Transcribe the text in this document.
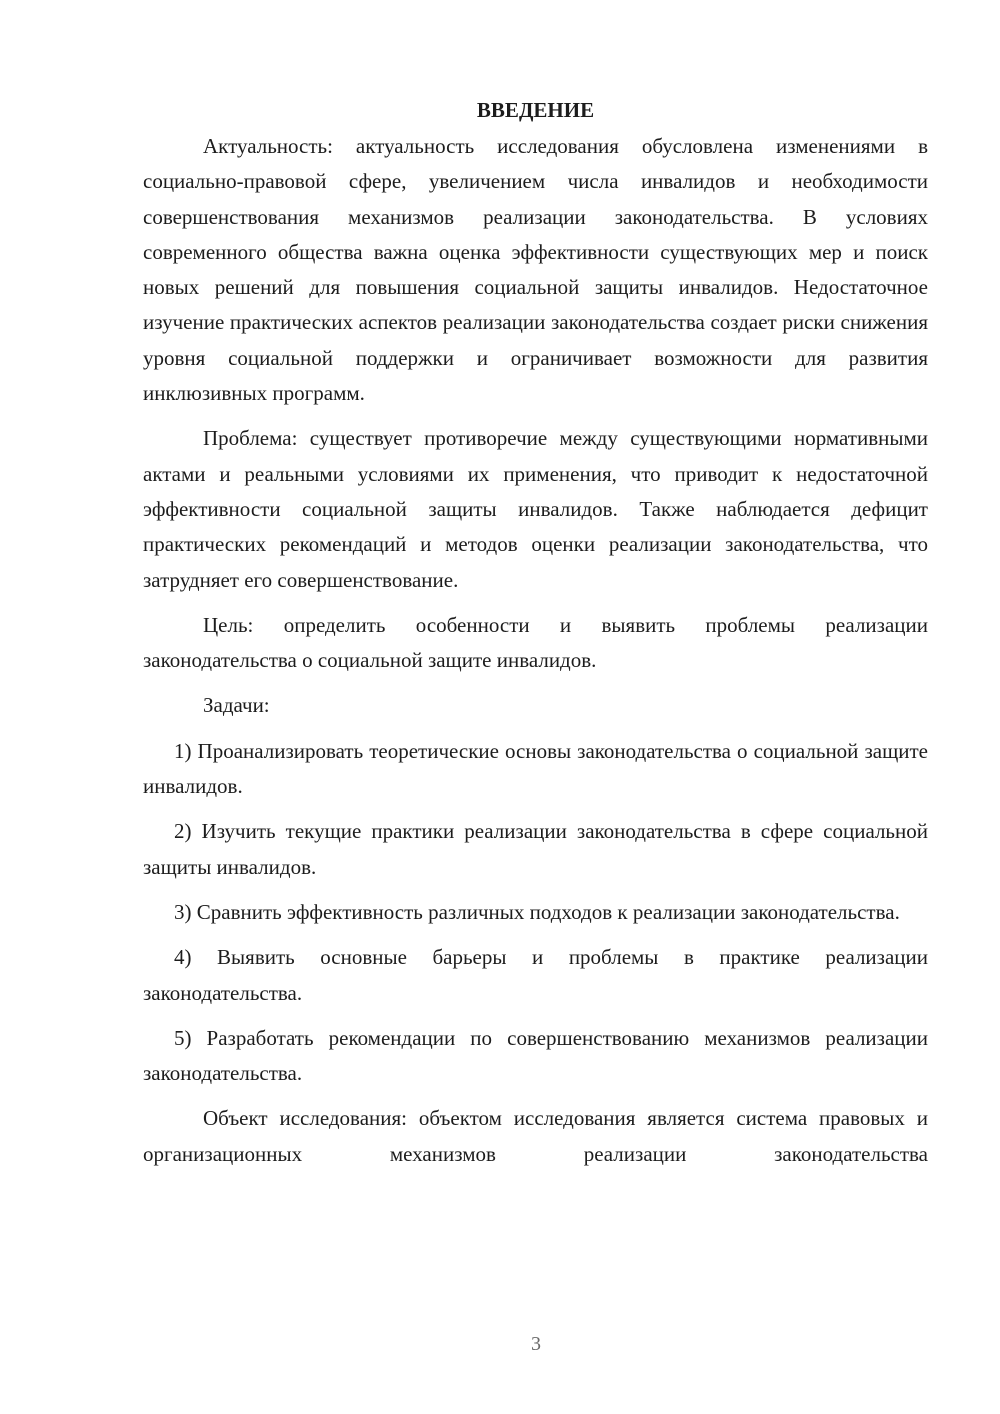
ВВЕДЕНИЕ

Актуальность: актуальность исследования обусловлена изменениями в социально-правовой сфере, увеличением числа инвалидов и необходимости совершенствования механизмов реализации законодательства. В условиях современного общества важна оценка эффективности существующих мер и поиск новых решений для повышения социальной защиты инвалидов. Недостаточное изучение практических аспектов реализации законодательства создает риски снижения уровня социальной поддержки и ограничивает возможности для развития инклюзивных программ.

Проблема: существует противоречие между существующими нормативными актами и реальными условиями их применения, что приводит к недостаточной эффективности социальной защиты инвалидов. Также наблюдается дефицит практических рекомендаций и методов оценки реализации законодательства, что затрудняет его совершенствование.

Цель: определить особенности и выявить проблемы реализации законодательства о социальной защите инвалидов.

Задачи:

1) Проанализировать теоретические основы законодательства о социальной защите инвалидов.

2) Изучить текущие практики реализации законодательства в сфере социальной защиты инвалидов.

3) Сравнить эффективность различных подходов к реализации законодательства.

4) Выявить основные барьеры и проблемы в практике реализации законодательства.

5) Разработать рекомендации по совершенствованию механизмов реализации законодательства.

Объект исследования: объектом исследования является система правовых и организационных механизмов реализации законодательства

3
